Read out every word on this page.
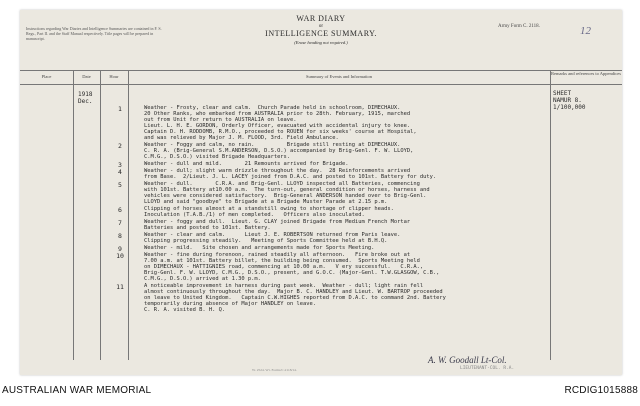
Instructions regarding War Diaries and Intelligence Summaries are contained in F. S. Regs., Part II. and the Staff Manual respectively. Title pages will be prepared in manuscript.
WAR DIARY
or
INTELLIGENCE SUMMARY.
(Erase heading not required.)
Army Form C. 2118.	12
Place	Date	Hour	Summary of Events and Information
Remarks and references to Appendices
1918
Dec.
SHEET
NAMUR 8.
1/100,000
1	Weather - Frosty, clear and calm.  Church Parade held in schoolroom, DIMECHAUX.
20 Other Ranks, who embarked from AUSTRALIA prior to 28th. February, 1915, marched
out from Unit for return to AUSTRALIA on leave.
Lieut. L. H. E. GORDON, Orderly Officer, evacuated with accidental injury to knee.
Captain D. H. RODDOMB, R.M.O., proceeded to ROUEN for six weeks' course at Hospital,
and was relieved by Major J. M. FLOOD, 3rd. Field Ambulance.
2	Weather - Foggy and calm, no rain.          Brigade still resting at DIMECHAUX.
C. R. A. (Brig-General S.M.ANDERSON, D.S.O.) accompanied by Brig-Genl. F. W. LLOYD,
C.M.G., D.S.O.) visited Brigade Headquarters.
3	Weather - dull and mild.       21 Remounts arrived for Brigade.
4	Weather - dull; slight warm drizzle throughout the day.  28 Reinforcements arrived
from Base.  2/Lieut. J. L. LACEY joined from D.A.C. and posted to 101st. Battery for duty.
5	Weather - dull.       C.R.A. and Brig-Genl. LLOYD inspected all Batteries, commencing
with 101st. Battery at10.00 a.m.  The turn-out, general condition or horses, harness and
vehicles were considered satisfactory.  Brig-General ANDERSON handed over to Brig-Genl.
LLOYD and said "goodbye" to Brigade at a Brigade Muster Parade at 2.15 p.m.
6	Clipping of horses almost at a standstill owing to shortage of clipper heads.
Inoculation (T.A.B./1) of men completed.   Officers also inoculated.
7	Weather - foggy and dull.  Lieut. G. CLAY joined Brigade from Medium French Mortar
Batteries and posted to 101st. Battery.
8	Weather - clear and calm.      Lieut J. E. ROBERTSON returned from Paris leave.
Clipping progressing steadily.   Meeting of Sports Committee held at B.H.Q.
9	Weather - mild.   Site chosen and arrangements made for Sports Meeting.
10	Weather - fine during forenoon, rained steadily all afternoon.   Fire broke out at
7.00 a.m. at 101st. Battery billet, the building being consumed.  Sports Meeting held
on DIMECHAUX - HATTIGNIES road, commencing at 10.00 a.m.   V ery successful.   C.R.A.,
Brig-Genl. F. W. LLOYD, C.M.G., D.S.O., present, and G.O.C. (Major-Genl. T.W.GLASGOW, C.B.,
C.M.G., D.S.O.) arrived at 1.30 p.m.
11	A noticeable improvement in harness during past week.  Weather - dull; light rain fell
almost continuously throughout the day.  Major B. C. HANDLEY and Lieut. W. BARTROP proceeded
on leave to United Kingdom.   Captain C.W.HIGHES reported from D.A.C. to command 2nd. Battery
temporarily during absence of Major HANDLEY on leave.
C. R. A. visited B. H. Q.
W. 2524. Wt. Forms/C.2118/14.
A. W. Goodall Lt-Col.
LIEUTENANT-COL. R.A.
AUSTRALIAN WAR MEMORIAL	RCDIG1015888
